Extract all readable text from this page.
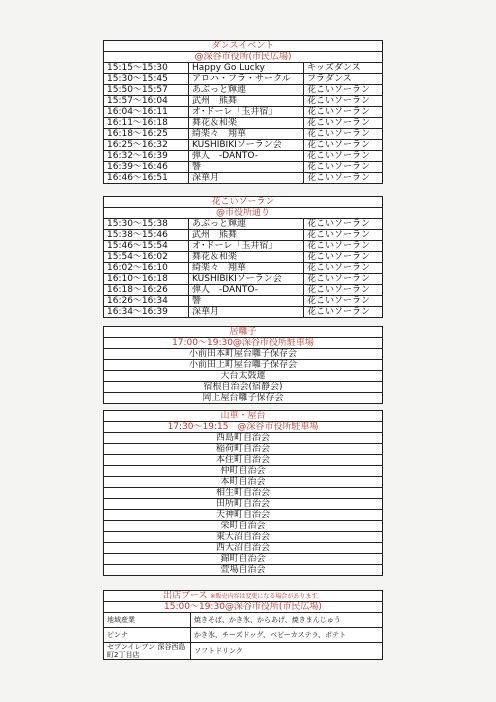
ダンスイベント		
@深谷市役所(市民広場)		
15:15～15:30	Happy Go Lucky	キッズダンス
15:30～15:45	アロハ・フラ・サークル	フラダンス
15:50～15:57	あぶっと輝連	花こいソーラン
15:57～16:04	武州　熊舞	花こいソーラン
16:04～16:11	オ･ドーレ「玉井宿」	花こいソーラン
16:11～16:18	舞花＆和楽	花こいソーラン
16:18～16:25	綺楽々　翔華	花こいソーラン
16:25～16:32	KUSHIBIKIソーラン会	花こいソーラン
16:32～16:39	弾人　-DANTO-	花こいソーラン
16:39～16:46	響	花こいソーラン
16:46～16:51	深華月	花こいソーラン
花こいソーラン		
@市役所通り		
15:30～15:38	あぶっと輝連	花こいソーラン
15:38～15:46	武州　熊舞	花こいソーラン
15:46～15:54	オ･ドーレ「玉井宿」	花こいソーラン
15:54～16:02	舞花＆和楽	花こいソーラン
16:02～16:10	綺楽々　翔華	花こいソーラン
16:10～16:18	KUSHIBIKIソーラン会	花こいソーラン
16:18～16:26	弾人　-DANTO-	花こいソーラン
16:26～16:34	響	花こいソーラン
16:34～16:39	深華月	花こいソーラン
居囃子
17:00～19:30@深谷市役所駐車場
小前田本町屋台囃子保存会
小前田上町屋台囃子保存会
大台太鼓連
宿根自治会(宿静会)
岡上屋台囃子保存会
山車・屋台
17:30～19:15　@深谷市役所駐車場
西島町自治会
稲荷町自治会
本住町自治会
仲町自治会
本町自治会
相生町自治会
田所町自治会
天神町自治会
栄町自治会
東大沼自治会
西大沼自治会
錦町自治会
萱場自治会
出店ブース ※販売内容は変更になる場合があります。	
15:00～19:30@深谷市役所(市民広場)	
地域産業	焼きそば、かき氷、からあげ、焼きまんじゅう
ピンナ	かき氷、チーズドッグ、ベビーカステラ、ポテト
セブンイレブン 深谷西島町2丁目店	ソフトドリンク
